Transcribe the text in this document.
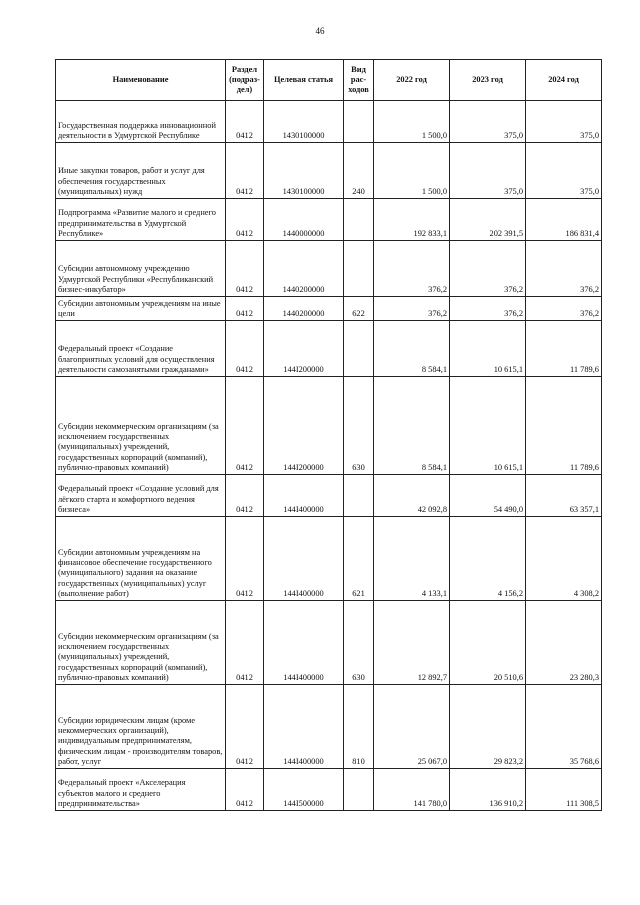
46
Наименование	Раздел (подраз-дел)	Целевая статья	Вид рас-ходов	2022 год	2023 год	2024 год
Государственная поддержка инновационной деятельности в Удмуртской Республике	0412	1430100000		1 500,0	375,0	375,0
Иные закупки товаров, работ и услуг для обеспечения государственных (муниципальных) нужд	0412	1430100000	240	1 500,0	375,0	375,0
Подпрограмма «Развитие малого и среднего предпринимательства в Удмуртской Республике»	0412	1440000000		192 833,1	202 391,5	186 831,4
Субсидии автономному учреждению Удмуртской Республики «Республиканский бизнес-инкубатор»	0412	1440200000		376,2	376,2	376,2
Субсидии автономным учреждениям на иные цели	0412	1440200000	622	376,2	376,2	376,2
Федеральный проект «Создание благоприятных условий для осуществления деятельности самозанятыми гражданами»	0412	144I200000		8 584,1	10 615,1	11 789,6
Субсидии некоммерческим организациям (за исключением государственных (муниципальных) учреждений, государственных корпораций (компаний), публично-правовых компаний)	0412	144I200000	630	8 584,1	10 615,1	11 789,6
Федеральный проект «Создание условий для лёгкого старта и комфортного ведения бизнеса»	0412	144I400000		42 092,8	54 490,0	63 357,1
Субсидии автономным учреждениям на финансовое обеспечение государственного (муниципального) задания на оказание государственных (муниципальных) услуг (выполнение работ)	0412	144I400000	621	4 133,1	4 156,2	4 308,2
Субсидии некоммерческим организациям (за исключением государственных (муниципальных) учреждений, государственных корпораций (компаний), публично-правовых компаний)	0412	144I400000	630	12 892,7	20 510,6	23 280,3
Субсидии юридическим лицам (кроме некоммерческих организаций), индивидуальным предпринимателям, физическим лицам - производителям товаров, работ, услуг	0412	144I400000	810	25 067,0	29 823,2	35 768,6
Федеральный проект «Акселерация субъектов малого и среднего предпринимательства»	0412	144I500000		141 780,0	136 910,2	111 308,5
